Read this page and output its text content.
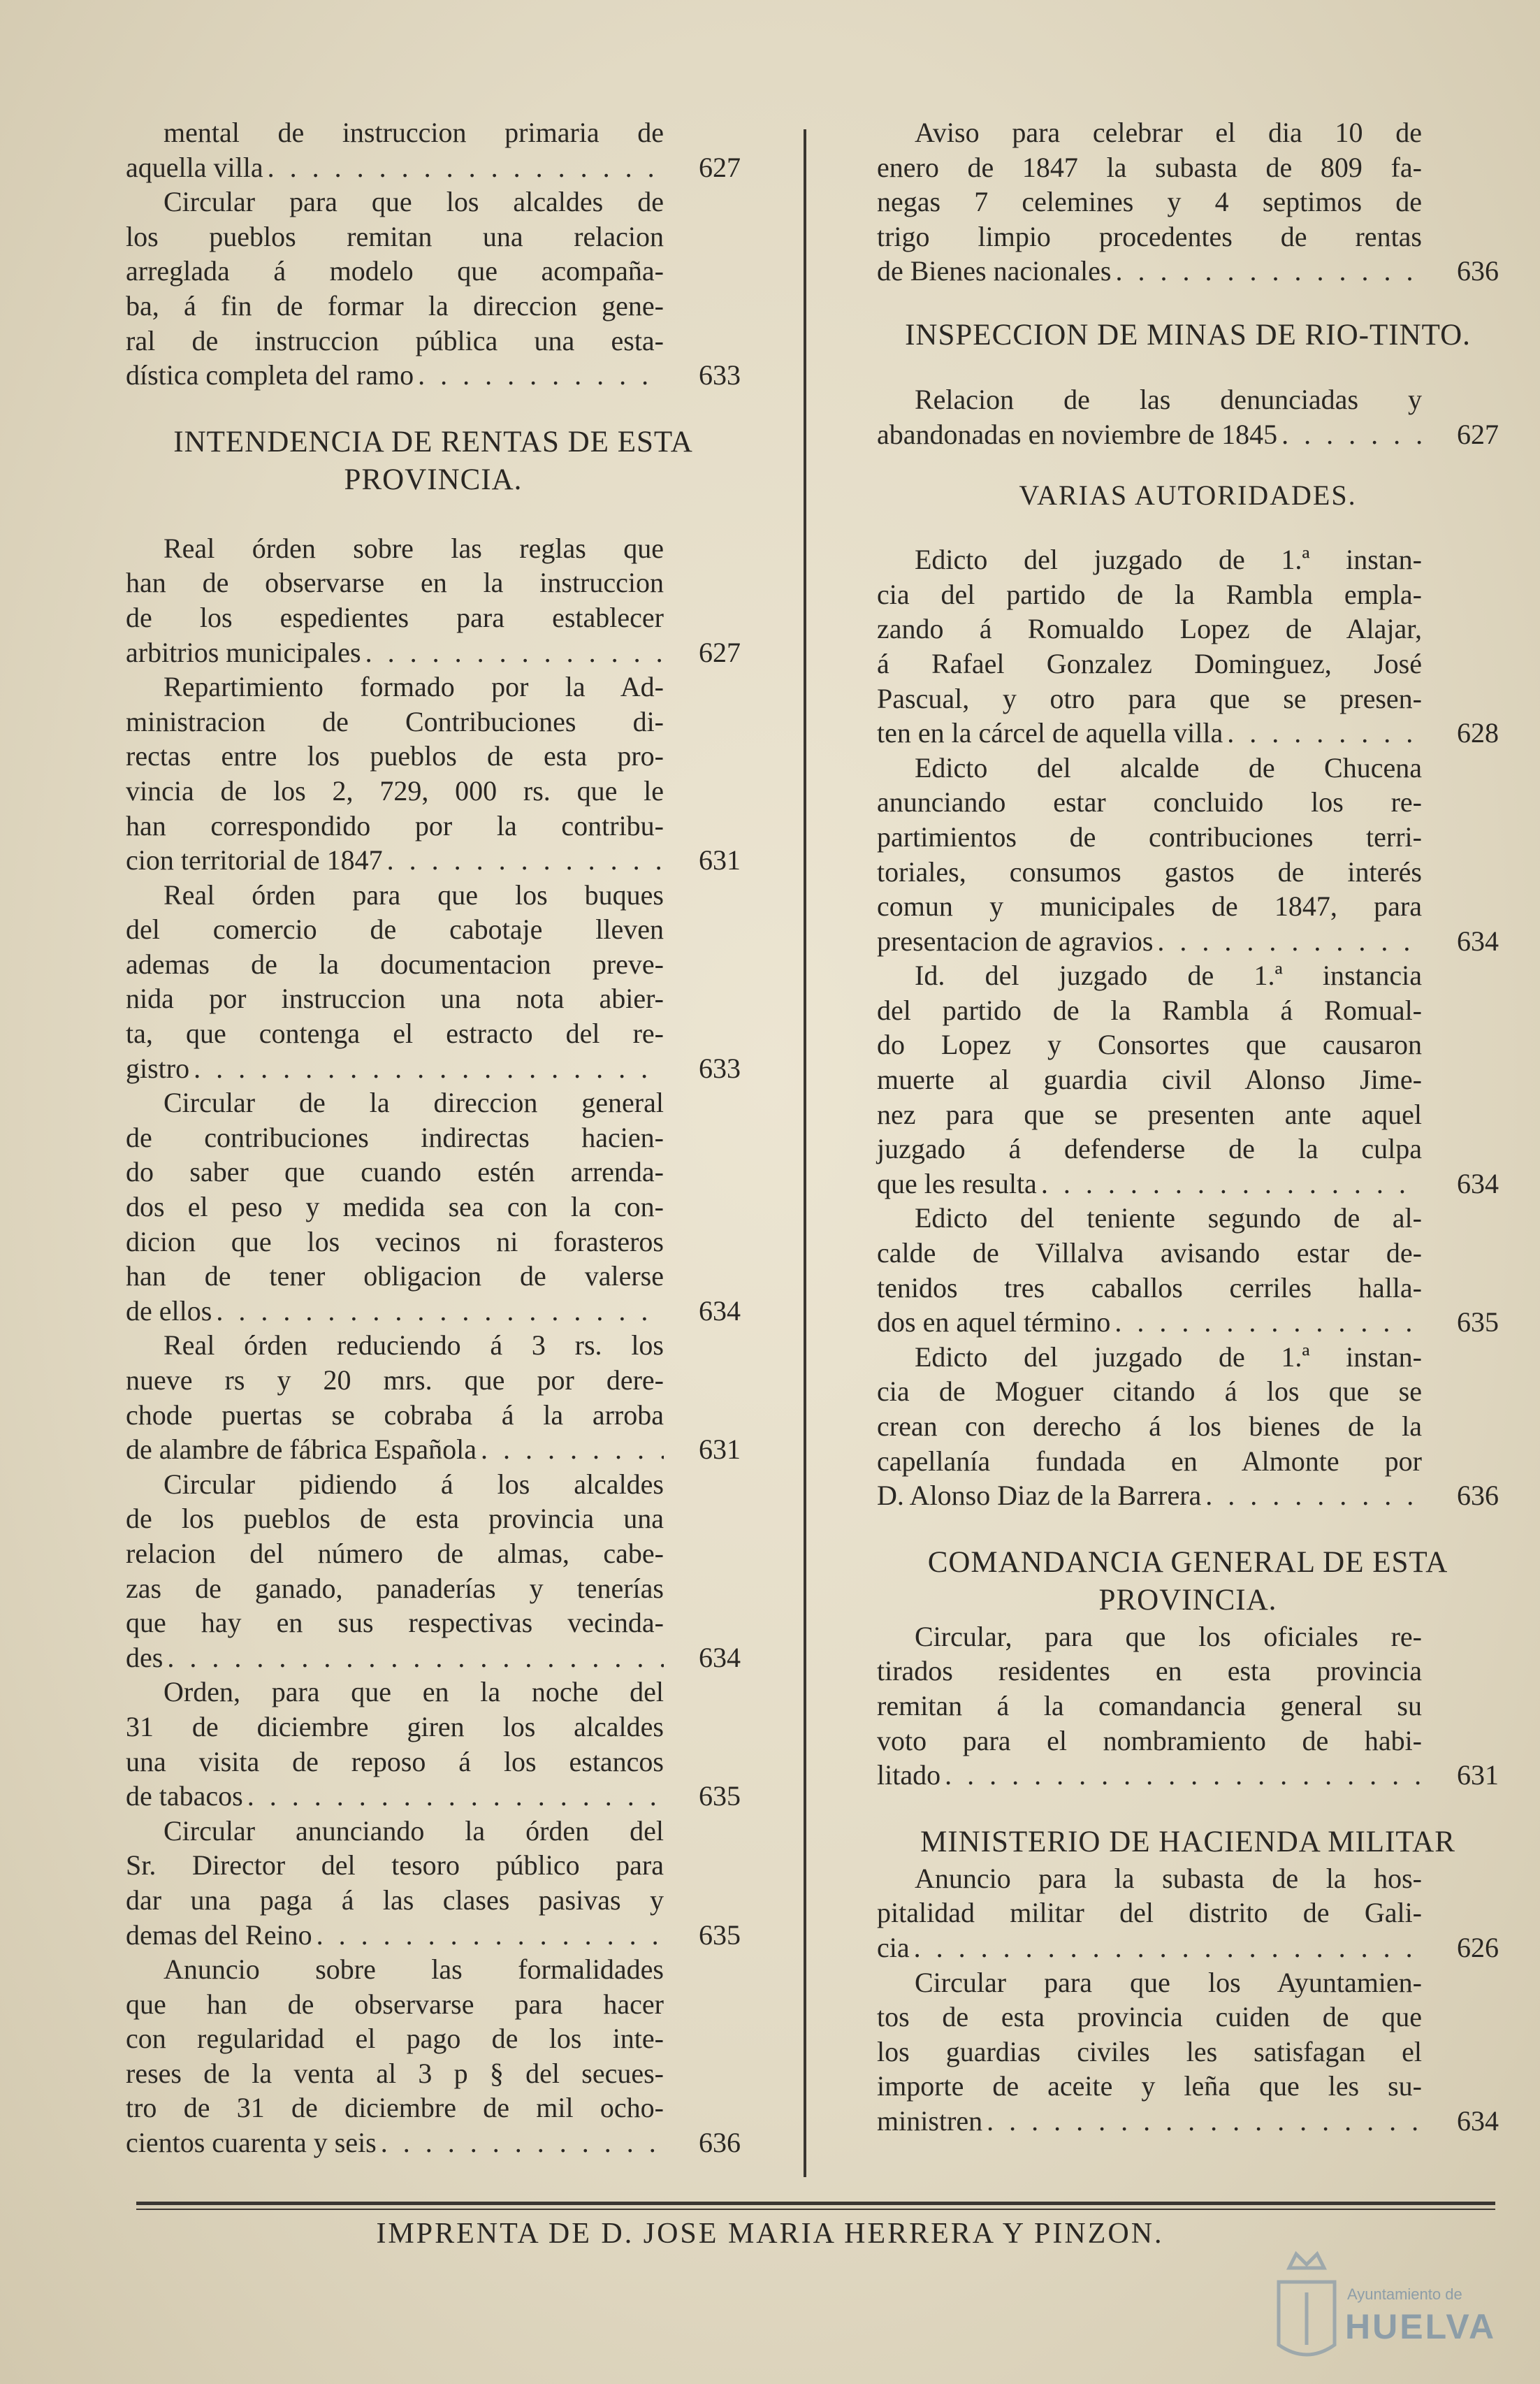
mental de instruccion primaria de
aquella villa . . .	627
Circular para que los alcaldes de
los pueblos remitan una relacion
arreglada á modelo que acompaña-
ba, á fin de formar la direccion gene-
ral de instruccion pública una esta-
dística completa del ramo . . .	633
INTENDENCIA DE RENTAS DE ESTA
PROVINCIA.
Real órden sobre las reglas que
han de observarse en la instruccion
de los espedientes para establecer
arbitrios municipales . . .	627
Repartimiento formado por la Ad-
ministracion de Contribuciones di-
rectas entre los pueblos de esta pro-
vincia de los 2, 729, 000 rs. que le
han correspondido por la contribu-
cion territorial de 1847 . . .	631
Real órden para que los buques
del comercio de cabotaje lleven
ademas de la documentacion preve-
nida por instruccion una nota abier-
ta, que contenga el estracto del re-
gistro . . .	633
Circular de la direccion general
de contribuciones indirectas hacien-
do saber que cuando estén arrenda-
dos el peso y medida sea con la con-
dicion que los vecinos ni forasteros
han de tener obligacion de valerse
de ellos . . .	634
Real órden reduciendo á 3 rs. los
nueve rs y 20 mrs. que por dere-
chode puertas se cobraba á la arroba
de alambre de fábrica Española . . .	631
Circular pidiendo á los alcaldes
de los pueblos de esta provincia una
relacion del número de almas, cabe-
zas de ganado, panaderías y tenerías
que hay en sus respectivas vecinda-
des . . .	634
Orden, para que en la noche del
31 de diciembre giren los alcaldes
una visita de reposo á los estancos
de tabacos . . .	635
Circular anunciando la órden del
Sr. Director del tesoro público para
dar una paga á las clases pasivas y
demas del Reino . . .	635
Anuncio sobre las formalidades
que han de observarse para hacer
con regularidad el pago de los inte-
reses de la venta al 3 p § del secues-
tro de 31 de diciembre de mil ocho-
cientos cuarenta y seis . . .	636
Aviso para celebrar el dia 10 de
enero de 1847 la subasta de 809 fa-
negas 7 celemines y 4 septimos de
trigo limpio procedentes de rentas
de Bienes nacionales . . .	636
INSPECCION DE MINAS DE RIO-TINTO.
Relacion de las denunciadas y
abandonadas en noviembre de 1845 . . .	627
VARIAS AUTORIDADES.
Edicto del juzgado de 1.ª instan-
cia del partido de la Rambla empla-
zando á Romualdo Lopez de Alajar,
á Rafael Gonzalez Dominguez, José
Pascual, y otro para que se presen-
ten en la cárcel de aquella villa . . .	628
Edicto del alcalde de Chucena
anunciando estar concluido los re-
partimientos de contribuciones terri-
toriales, consumos gastos de interés
comun y municipales de 1847, para
presentacion de agravios . . .	634
Id. del juzgado de 1.ª instancia
del partido de la Rambla á Romual-
do Lopez y Consortes que causaron
muerte al guardia civil Alonso Jime-
nez para que se presenten ante aquel
juzgado á defenderse de la culpa
que les resulta . . .	634
Edicto del teniente segundo de al-
calde de Villalva avisando estar de-
tenidos tres caballos cerriles halla-
dos en aquel término . . .	635
Edicto del juzgado de 1.ª instan-
cia de Moguer citando á los que se
crean con derecho á los bienes de la
capellanía fundada en Almonte por
D. Alonso Diaz de la Barrera . . .	636
COMANDANCIA GENERAL DE ESTA
PROVINCIA.
Circular, para que los oficiales re-
tirados residentes en esta provincia
remitan á la comandancia general su
voto para el nombramiento de habi-
litado . . .	631
MINISTERIO DE HACIENDA MILITAR
Anuncio para la subasta de la hos-
pitalidad militar del distrito de Gali-
cia . . .	626
Circular para que los Ayuntamien-
tos de esta provincia cuiden de que
los guardias civiles les satisfagan el
importe de aceite y leña que les su-
ministren . . .	634
IMPRENTA DE D. JOSE MARIA HERRERA Y PINZON.
Ayuntamiento de
HUELVA
